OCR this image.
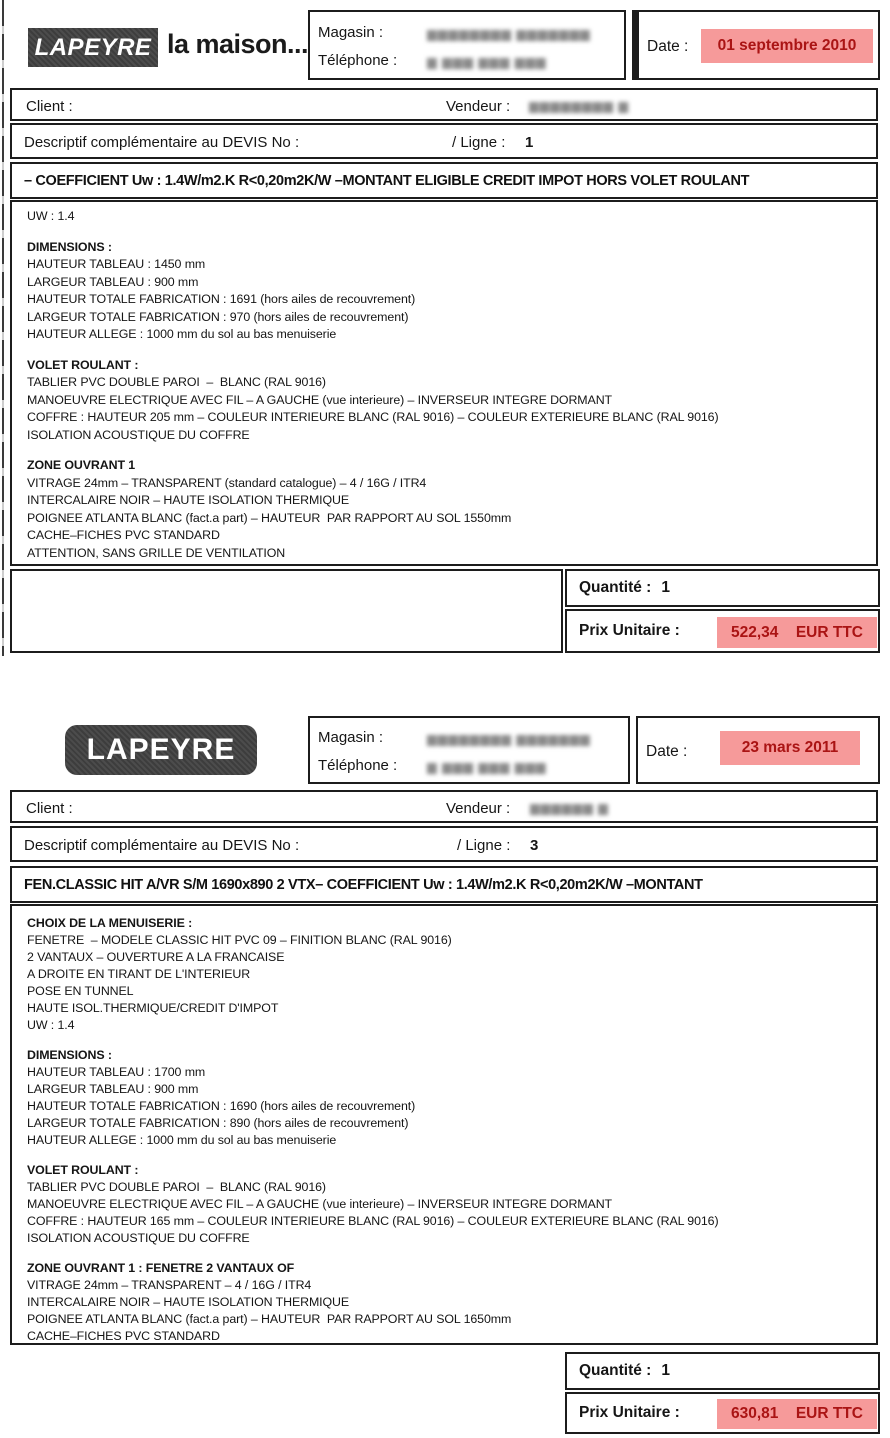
LAPEYRE la maison... Magasin :	▆▆▆▆▆▆▆▆ ▆▆▆▆▆▆▆
Téléphone : ▆ ▆▆▆ ▆▆▆ ▆▆▆
Date : 01 septembre 2010
Client :	Vendeur : ▆▆▆▆▆▆▆▆ ▆
Descriptif complémentaire au DEVIS No :	/ Ligne : 1
– COEFFICIENT Uw : 1.4W/m2.K R<0,20m2K/W –MONTANT ELIGIBLE CREDIT IMPOT HORS VOLET ROULANT
UW : 1.4
DIMENSIONS :
HAUTEUR TABLEAU : 1450 mm
LARGEUR TABLEAU : 900 mm
HAUTEUR TOTALE FABRICATION : 1691 (hors ailes de recouvrement)
LARGEUR TOTALE FABRICATION : 970 (hors ailes de recouvrement)
HAUTEUR ALLEGE : 1000 mm du sol au bas menuiserie
VOLET ROULANT :
TABLIER PVC DOUBLE PAROI  –  BLANC (RAL 9016)
MANOEUVRE ELECTRIQUE AVEC FIL – A GAUCHE (vue interieure) – INVERSEUR INTEGRE DORMANT
COFFRE : HAUTEUR 205 mm – COULEUR INTERIEURE BLANC (RAL 9016) – COULEUR EXTERIEURE BLANC (RAL 9016)
ISOLATION ACOUSTIQUE DU COFFRE
ZONE OUVRANT 1
VITRAGE 24mm – TRANSPARENT (standard catalogue) – 4 / 16G / ITR4
INTERCALAIRE NOIR – HAUTE ISOLATION THERMIQUE
POIGNEE ATLANTA BLANC (fact.a part) – HAUTEUR  PAR RAPPORT AU SOL 1550mm
CACHE–FICHES PVC STANDARD
ATTENTION, SANS GRILLE DE VENTILATION
Quantité : 1
Prix Unitaire :	522,34 EUR TTC
LAPEYRE	Magasin :	▆▆▆▆▆▆▆▆ ▆▆▆▆▆▆▆
Téléphone : ▆ ▆▆▆ ▆▆▆ ▆▆▆
Date :	23 mars 2011
Client :	Vendeur : ▆▆▆▆▆▆ ▆
Descriptif complémentaire au DEVIS No :	/ Ligne : 3
FEN.CLASSIC HIT A/VR S/M 1690x890 2 VTX– COEFFICIENT Uw : 1.4W/m2.K R<0,20m2K/W –MONTANT
CHOIX DE LA MENUISERIE :
FENETRE  – MODELE CLASSIC HIT PVC 09 – FINITION BLANC (RAL 9016)
2 VANTAUX – OUVERTURE A LA FRANCAISE
A DROITE EN TIRANT DE L'INTERIEUR
POSE EN TUNNEL
HAUTE ISOL.THERMIQUE/CREDIT D'IMPOT
UW : 1.4
DIMENSIONS :
HAUTEUR TABLEAU : 1700 mm
LARGEUR TABLEAU : 900 mm
HAUTEUR TOTALE FABRICATION : 1690 (hors ailes de recouvrement)
LARGEUR TOTALE FABRICATION : 890 (hors ailes de recouvrement)
HAUTEUR ALLEGE : 1000 mm du sol au bas menuiserie
VOLET ROULANT :
TABLIER PVC DOUBLE PAROI  –  BLANC (RAL 9016)
MANOEUVRE ELECTRIQUE AVEC FIL – A GAUCHE (vue interieure) – INVERSEUR INTEGRE DORMANT
COFFRE : HAUTEUR 165 mm – COULEUR INTERIEURE BLANC (RAL 9016) – COULEUR EXTERIEURE BLANC (RAL 9016)
ISOLATION ACOUSTIQUE DU COFFRE
ZONE OUVRANT 1 : FENETRE 2 VANTAUX OF
VITRAGE 24mm – TRANSPARENT – 4 / 16G / ITR4
INTERCALAIRE NOIR – HAUTE ISOLATION THERMIQUE
POIGNEE ATLANTA BLANC (fact.a part) – HAUTEUR  PAR RAPPORT AU SOL 1650mm
CACHE–FICHES PVC STANDARD
Quantité : 1
Prix Unitaire :	630,81 EUR TTC
